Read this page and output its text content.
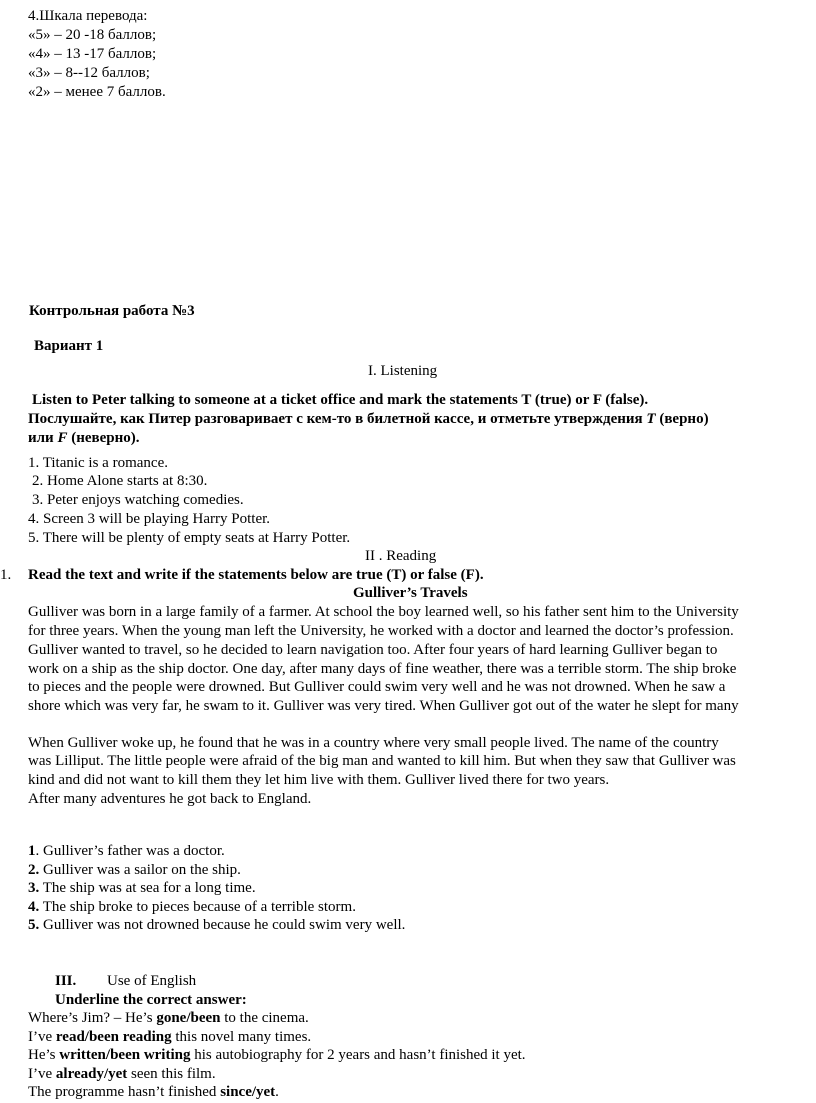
4.Шкала перевода:
«5» – 20 -18 баллов;
«4» – 13 -17 баллов;
«3» – 8--12 баллов;
«2» – менее 7 баллов.
Контрольная работа №3
Вариант 1
I. Listening
Listen to Peter talking to someone at a ticket office and mark the statements T (true) or F (false).
Послушайте, как Питер разговаривает с кем-то в билетной кассе, и отметьте утверждения T (верно)
или F (неверно).
1. Titanic is a romance.
2. Home Alone starts at 8:30.
3. Peter enjoys watching comedies.
4. Screen 3 will be playing Harry Potter.
5. There will be plenty of empty seats at Harry Potter.
II . Reading
1. Read the text and write if the statements below are true (T) or false (F).
Gulliver’s Travels
Gulliver was born in a large family of a farmer. At school the boy learned well, so his father sent him to the University
for three years. When the young man left the University, he worked with a doctor and learned the doctor’s profession.
Gulliver wanted to travel, so he decided to learn navigation too. After four years of hard learning Gulliver began to
work on a ship as the ship doctor. One day, after many days of fine weather, there was a terrible storm. The ship broke
to pieces and the people were drowned. But Gulliver could swim very well and he was not drowned. When he saw a
shore which was very far, he swam to it. Gulliver was very tired. When Gulliver got out of the water he slept for many
When Gulliver woke up, he found that he was in a country where very small people lived. The name of the country
was Lilliput. The little people were afraid of the big man and wanted to kill him. But when they saw that Gulliver was
kind and did not want to kill them they let him live with them. Gulliver lived there for two years.
After many adventures he got back to England.
1. Gulliver’s father was a doctor.
2. Gulliver was a sailor on the ship.
3. The ship was at sea for a long time.
4. The ship broke to pieces because of a terrible storm.
5. Gulliver was not drowned because he could swim very well.
III. Use of English
Underline the correct answer:
Where’s Jim? – He’s gone/been to the cinema.
I’ve read/been reading this novel many times.
He’s written/been writing his autobiography for 2 years and hasn’t finished it yet.
I’ve already/yet seen this film.
The programme hasn’t finished since/yet.
